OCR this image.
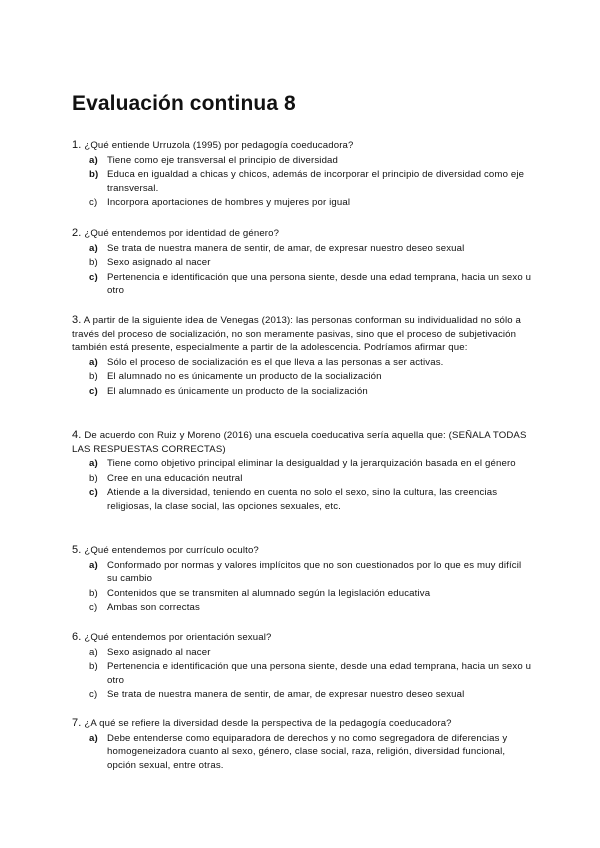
Evaluación continua 8
1. ¿Qué entiende Urruzola (1995) por pedagogía coeducadora?
a) Tiene como eje transversal el principio de diversidad
b) Educa en igualdad a chicas y chicos, además de incorporar el principio de diversidad como eje transversal.
c)	Incorpora aportaciones de hombres y mujeres por igual
2. ¿Qué entendemos por identidad de género?
a) Se trata de nuestra manera de sentir, de amar, de expresar nuestro deseo sexual
b) Sexo asignado al nacer
c) Pertenencia e identificación que una persona siente, desde una edad temprana, hacia un sexo u otro
3. A partir de la siguiente idea de Venegas (2013): las personas conforman su individualidad no sólo a través del proceso de socialización, no son meramente pasivas, sino que el proceso de subjetivación también está presente, especialmente a partir de la adolescencia. Podríamos afirmar que:
a) Sólo el proceso de socialización es el que lleva a las personas a ser activas.
b) El alumnado no es únicamente un producto de la socialización
c) El alumnado es únicamente un producto de la socialización
4. De acuerdo con Ruiz y Moreno (2016) una escuela coeducativa sería aquella que: (SEÑALA TODAS LAS RESPUESTAS CORRECTAS)
a) Tiene como objetivo principal eliminar la desigualdad y la jerarquización basada en el género
b) Cree en una educación neutral
c) Atiende a la diversidad, teniendo en cuenta no solo el sexo, sino la cultura, las creencias religiosas, la clase social, las opciones sexuales, etc.
5. ¿Qué entendemos por currículo oculto?
a) Conformado por normas y valores implícitos que no son cuestionados por lo que es muy difícil su cambio
b) Contenidos que se transmiten al alumnado según la legislación educativa
c)	Ambas son correctas
6. ¿Qué entendemos por orientación sexual?
a) Sexo asignado al nacer
b) Pertenencia e identificación que una persona siente, desde una edad temprana, hacia un sexo u otro
c)	Se trata de nuestra manera de sentir, de amar, de expresar nuestro deseo sexual
7. ¿A qué se refiere la diversidad desde la perspectiva de la pedagogía coeducadora?
a) Debe entenderse como equiparadora de derechos y no como segregadora de diferencias y homogeneizadora cuanto al sexo, género, clase social, raza, religión, diversidad funcional, opción sexual, entre otras.
